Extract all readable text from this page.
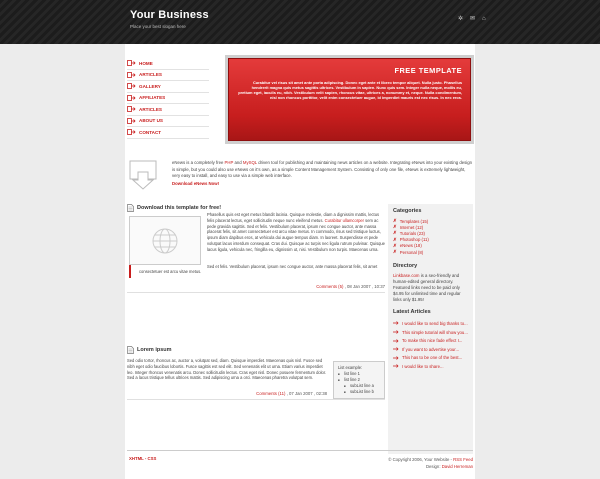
Your Business
Place your best slogan here
✲ ✉ ⌂
HOME
ARTICLES
GALLERY
AFFILIATES
ARTICLES
ABOUT US
CONTACT
FREE TEMPLATE
Curabitur vel risus sit amet ante porta adipiscing. Donec eget ante et libero tempor aliquet. Nulla justo. Phasellus hendrerit magna quis metus sagittis ultrices. Vestibulum in sapien. Nunc quis sem. Integer nulla neque, mollis eu, pretium eget, iaculis eu, nibh. Vestibulum velit sapien, rhoncus vitae, ultrices a, nonummy et, neque. Nulla condimentum, nisl non rhoncus porttitor, velit enim consectetuer augue, id imperdiet mauris est nec risus. In nec eros.
eNews is a completely free PHP and MySQL driven tool for publishing and maintaining news articles on a website. Integrating eNews into your existing design is simple, but you could also use eNews on it's own, as a simple Content Management System. Consisting of only one file, eNews is extremely lightweight, very easy to install, and easy to use via a simple web interface.
Download eNews Now!
Download this template for free!
Phasellus quis est eget metus blandit lacinia. Quisque molestie, diam a dignissim mattis, lectus felis placerat lectus, eget sollicitudin neque nunc eleifend metus. Curabitur ullamcorper sem ac pede gravida sagittis. Sed et felis. Vestibulum placerat, ipsum nec congue auctor, ante massa placerat felis, sit amet consectetuer est arcu vitae metus. In commodo, risus sed tristique luctus, ipsum diam dapibus eros, at vehicula dui augue tempus diam. In laoreet. Suspendisse et pede volutpat lacus interdum consequat. Cras dui. Quisque ac turpis nec ligula rutrum pulvinar. Quisque lacus ligula, vehicula nec, fringilla eu, dignissim ut, nisi. Vestibulum non turpis. Maecenas urna.
Sed et felis. Vestibulum placerat, ipsum nec congue auctor, ante massa placerat felis, sit amet consectetuer est arcu vitae metus.
Comments (5) , 08 Jan 2007 , 10:37
Lorem ipsum
List example:
■ list line 1
■ list line 2
■ subList line a
■ subList line b
Sed odio tortor, rhoncus ac, auctor a, volutpat sed, diam. Quisque imperdiet. Maecenas quis nisl. Fusce sed nibh eget odio faucibus lobortis. Fusce sagittis est sed elit. Sed venenatis elit ut urna. Etiam varius imperdiet leo. Integer rhoncus venenatis arcu. Donec sollicitudin lectus. Cras eget nisl. Donec posuere fermentum dolor. Sed a lacus tristique tellus ultrices mattis. Sed adipiscing urna a orci. Maecenas pharetra volutpat sem.
Comments (11) , 07 Jan 2007 , 02:38
Categories
✗ Templates (15)
✗ Internet (12)
✗ Tutorials (23)
✗ Photoshop (11)
✗ eNews (18)
✗ Personal (8)
Directory
Linkbase.com is a seo-friendly and human-edited general directory. Featured links need to be paid only $4.95 for unlimited time and regular links only $1.95!
Latest Articles
I would like to send big thanks to...
This simple tutorial will show you...
To make this nice fade effect I...
If you want to advertise your...
This has to be one of the best...
I would like to share...
XHTML - CSS	© Copyright 2006, Your Website - RSS Feed
Design: David Herreman
